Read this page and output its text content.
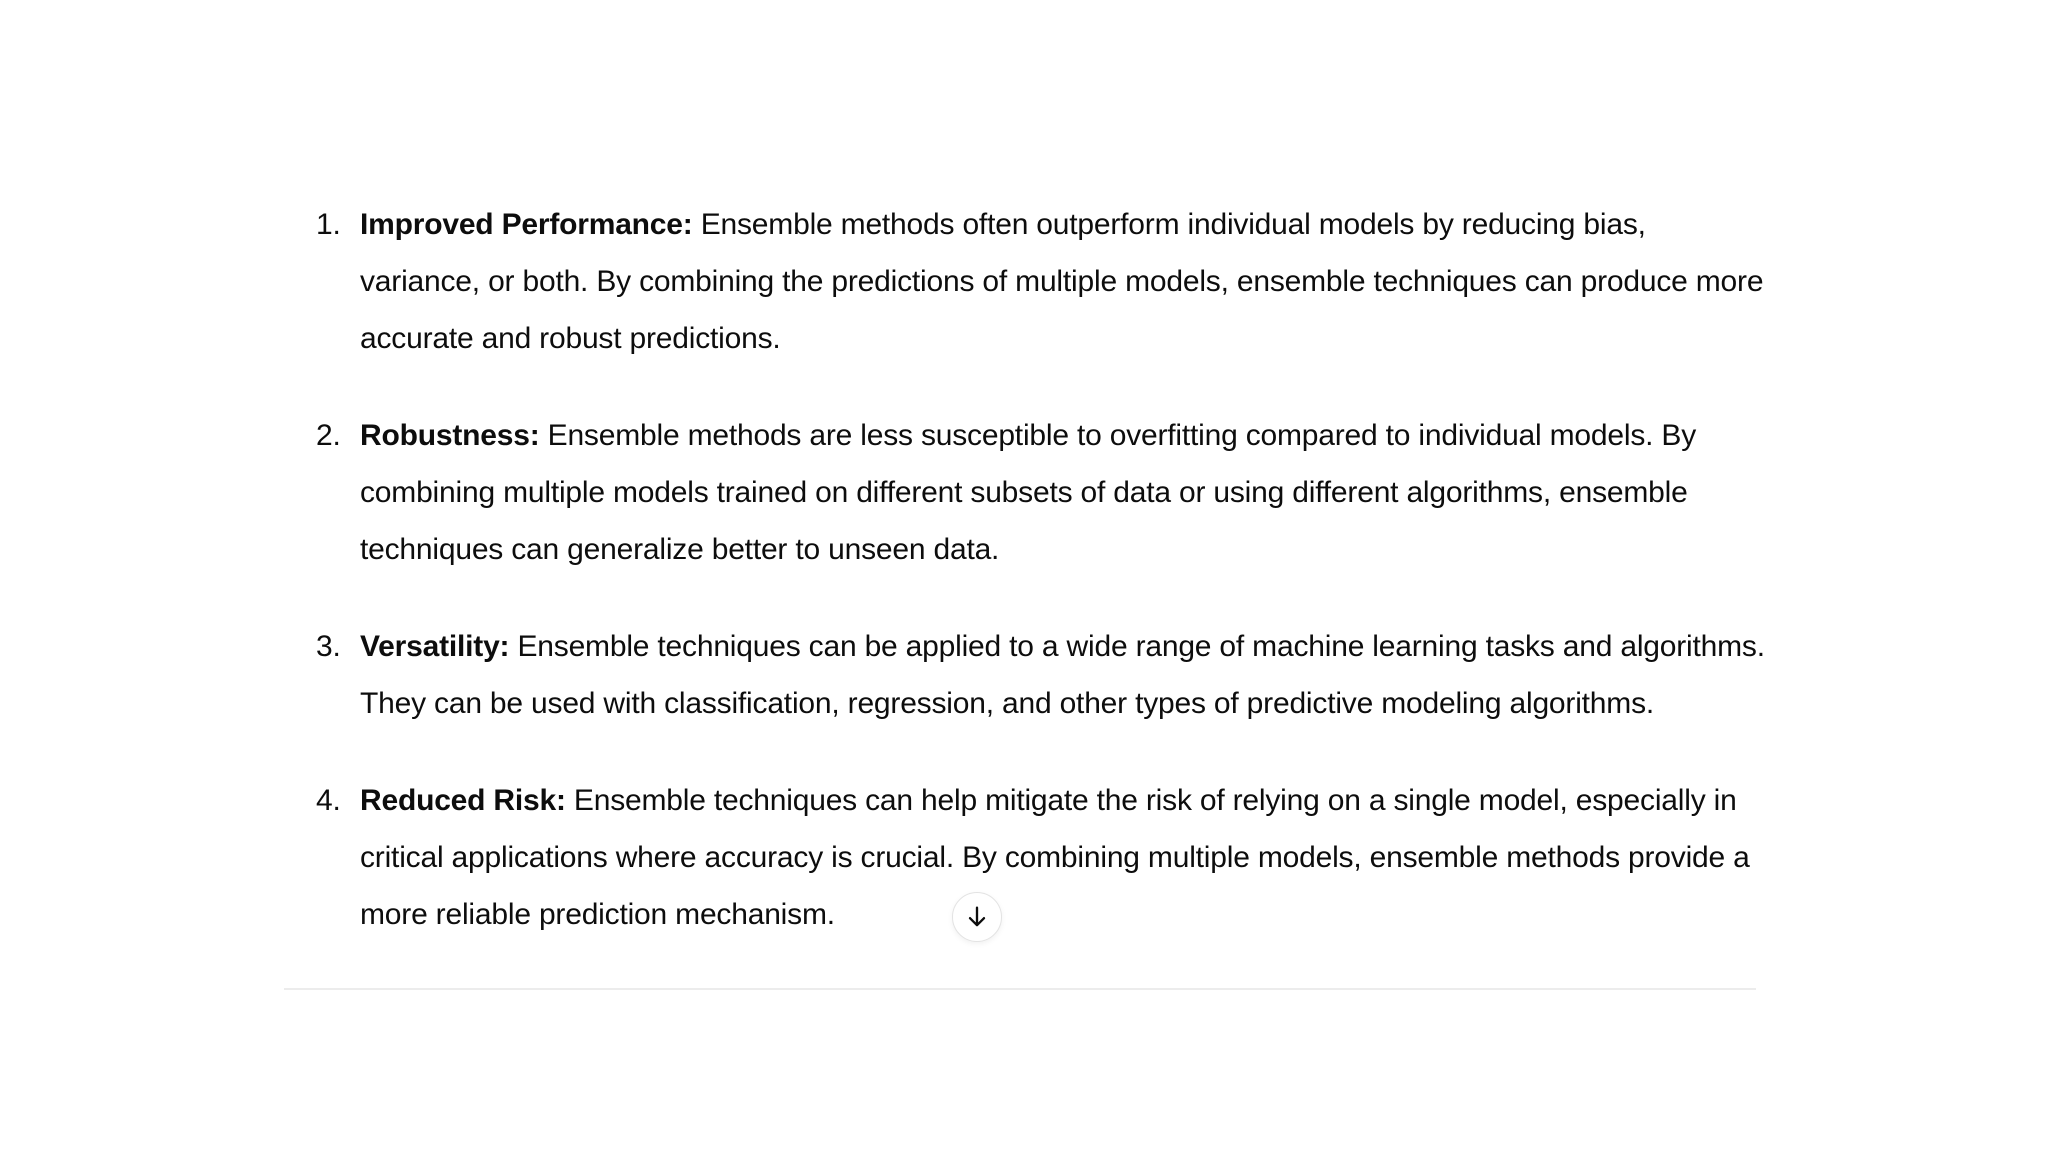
1. Improved Performance: Ensemble methods often outperform individual models by reducing bias, variance, or both. By combining the predictions of multiple models, ensemble techniques can produce more accurate and robust predictions.
2. Robustness: Ensemble methods are less susceptible to overfitting compared to individual models. By combining multiple models trained on different subsets of data or using different algorithms, ensemble techniques can generalize better to unseen data.
3. Versatility: Ensemble techniques can be applied to a wide range of machine learning tasks and algorithms. They can be used with classification, regression, and other types of predictive modeling algorithms.
4. Reduced Risk: Ensemble techniques can help mitigate the risk of relying on a single model, especially in critical applications where accuracy is crucial. By combining multiple models, ensemble methods provide a more reliable prediction mechanism.
